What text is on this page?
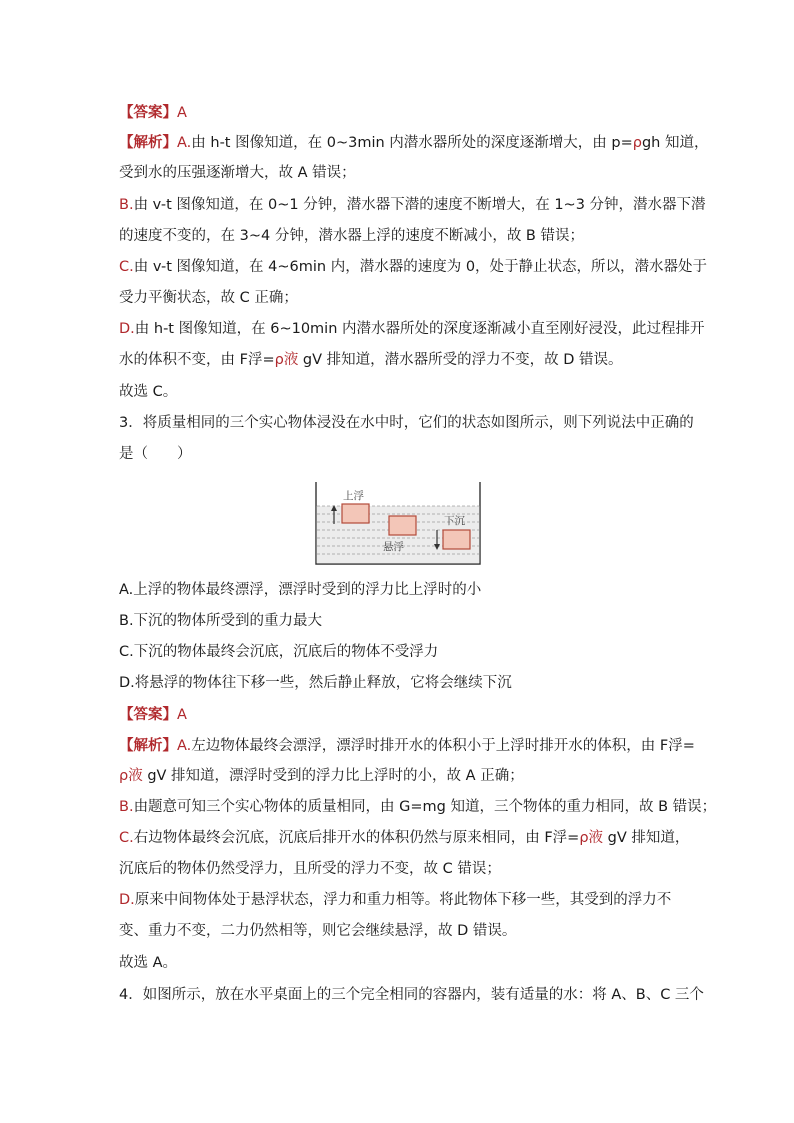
【答案】A
【解析】A.由 h-t 图像知道，在 0~3min 内潜水器所处的深度逐渐增大，由 p=ρgh 知道，
受到水的压强逐渐增大，故 A 错误；
B.由 v-t 图像知道，在 0~1 分钟，潜水器下潜的速度不断增大，在 1~3 分钟，潜水器下潜
的速度不变的，在 3~4 分钟，潜水器上浮的速度不断减小，故 B 错误；
C.由 v-t 图像知道，在 4~6min 内，潜水器的速度为 0，处于静止状态，所以，潜水器处于
受力平衡状态，故 C 正确；
D.由 h-t 图像知道，在 6~10min 内潜水器所处的深度逐渐减小直至刚好浸没，此过程排开
水的体积不变，由 F浮=ρ液 gV 排知道，潜水器所受的浮力不变，故 D 错误。
故选 C。
3．将质量相同的三个实心物体浸没在水中时，它们的状态如图所示，则下列说法中正确的
是（　　）
A.上浮的物体最终漂浮，漂浮时受到的浮力比上浮时的小
B.下沉的物体所受到的重力最大
C.下沉的物体最终会沉底，沉底后的物体不受浮力
D.将悬浮的物体往下移一些，然后静止释放，它将会继续下沉
【答案】A
【解析】A.左边物体最终会漂浮，漂浮时排开水的体积小于上浮时排开水的体积，由 F浮=
ρ液 gV 排知道，漂浮时受到的浮力比上浮时的小，故 A 正确；
B.由题意可知三个实心物体的质量相同，由 G=mg 知道，三个物体的重力相同，故 B 错误；
C.右边物体最终会沉底，沉底后排开水的体积仍然与原来相同，由 F浮=ρ液 gV 排知道，
沉底后的物体仍然受浮力，且所受的浮力不变，故 C 错误；
D.原来中间物体处于悬浮状态，浮力和重力相等。将此物体下移一些，其受到的浮力不
变、重力不变，二力仍然相等，则它会继续悬浮，故 D 错误。
故选 A。
4．如图所示，放在水平桌面上的三个完全相同的容器内，装有适量的水：将 A、B、C 三个
上浮
悬浮
下沉
